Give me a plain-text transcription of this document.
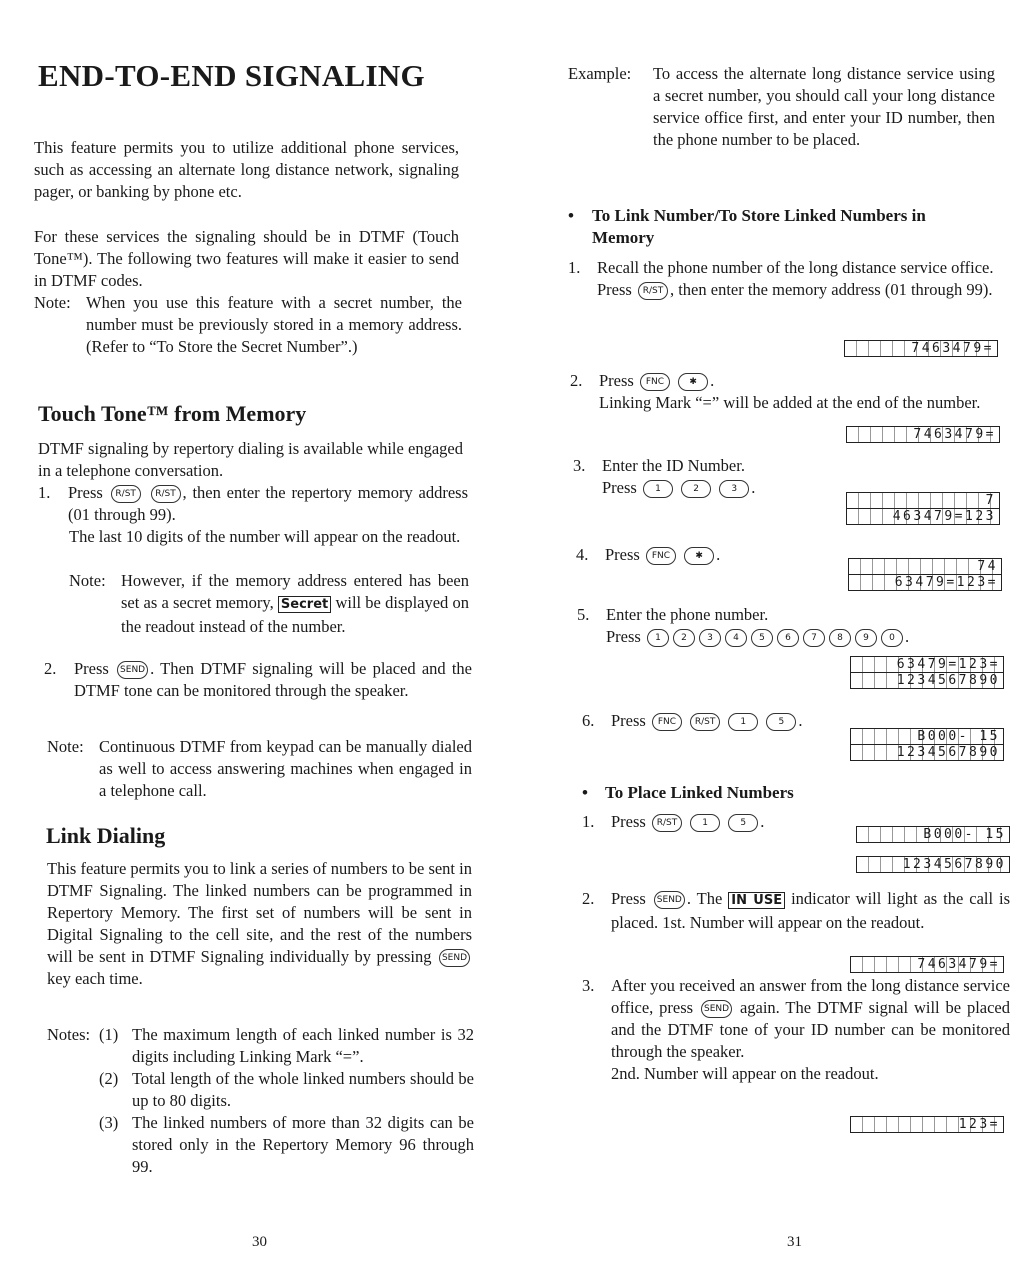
END-TO-END SIGNALING

This feature permits you to utilize additional phone services, such as accessing an alternate long distance network, signaling pager, or banking by phone etc.

For these services the signaling should be in DTMF (Touch Tone™). The following two features will make it easier to send in DTMF codes.

Note: When you use this feature with a secret number, the number must be previously stored in a memory address. (Refer to “To Store the Secret Number”.)
Touch Tone™ from Memory

DTMF signaling by repertory dialing is available while engaged in a telephone conversation.

1.	Press R/ST R/ST , then enter the repertory memory address (01 through 99).

The last 10 digits of the number will appear on the readout.

Note: However, if the memory address entered has been set as a secret memory, Secret will be displayed on the readout instead of the number.
2.	Press SEND . Then DTMF signaling will be placed and the DTMF tone can be monitored through the speaker.
Note: Continuous DTMF from keypad can be manually dialed as well to access answering machines when engaged in a telephone call.
Link Dialing

This feature permits you to link a series of numbers to be sent in DTMF Signaling. The linked numbers can be programmed in Repertory Memory. The first set of numbers will be sent in Digital Signaling to the cell site, and the rest of the numbers will be sent in DTMF Signaling individually by pressing SEND key each time.

Notes: (1) The maximum length of each linked number is 32 digits including Linking Mark “=”.
(2) Total length of the whole linked numbers should be up to 80 digits.
(3) The linked numbers of more than 32 digits can be stored only in the Repertory Memory 96 through 99.
30
Example:	To access the alternate long distance service using a secret number, you should call your long distance service office first, and enter your ID number, then the phone number to be placed.
• To Link Number/To Store Linked Numbers in Memory
1.	Recall the phone number of the long distance service office.
Press R/ST , then enter the memory address (01 through 99).
7463479=
2.	Press FNC	✱ .
Linking Mark “=” will be added at the end of the number.
7463479=
3.	Enter the ID Number.
Press 1	2	3 .
7
463479=123
4.	Press FNC	✱ .
74
63479=123=
5.	Enter the phone number.
Press 1 2 3 4 5 6 7 8 9 0 .
63479=123=
1234567890
6.	Press FNC R/ST	1	5 .
B000- 15
1234567890
• To Place Linked Numbers
1.	Press R/ST	1	5 .
B000- 15
1234567890
2.	Press SEND . The IN USE indicator will light as the call is placed. 1st. Number will appear on the readout.
7463479=
3.	After you received an answer from the long distance service office, press SEND again. The DTMF signal will be placed and the DTMF tone of your ID number can be monitored through the speaker.
2nd. Number will appear on the readout.
123=
31
